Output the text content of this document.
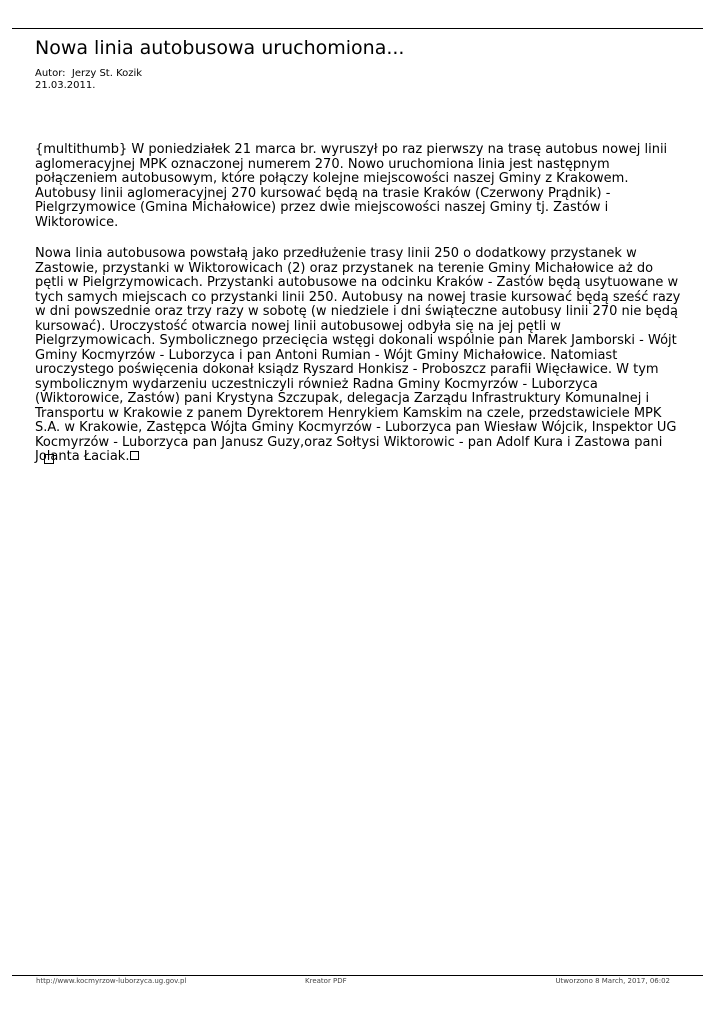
Nowa linia autobusowa uruchomiona...
Autor:  Jerzy St. Kozik
21.03.2011.
{multithumb} W poniedziałek 21 marca br. wyruszył po raz pierwszy na trasę autobus nowej linii aglomeracyjnej MPK oznaczonej numerem 270. Nowo uruchomiona linia jest następnym połączeniem autobusowym, które połączy kolejne miejscowości naszej Gminy z Krakowem. Autobusy linii aglomeracyjnej 270 kursować będą na trasie Kraków (Czerwony Prądnik) - Pielgrzymowice (Gmina Michałowice) przez dwie miejscowości naszej Gminy tj. Zastów i Wiktorowice.
Nowa linia autobusowa powstałą jako przedłużenie trasy linii 250 o dodatkowy przystanek w Zastowie, przystanki w Wiktorowicach (2) oraz przystanek na terenie Gminy Michałowice aż do pętli w Pielgrzymowicach. Przystanki autobusowe na odcinku Kraków - Zastów będą usytuowane w tych samych miejscach co przystanki linii 250. Autobusy na nowej trasie kursować będą sześć razy w dni powszednie oraz trzy razy w sobotę (w niedziele i dni świąteczne autobusy linii 270 nie będą kursować). Uroczystość otwarcia nowej linii autobusowej odbyła się na jej pętli w Pielgrzymowicach. Symbolicznego przecięcia wstęgi dokonali wspólnie pan Marek Jamborski - Wójt Gminy Kocmyrzów - Luborzyca i pan Antoni Rumian - Wójt Gminy Michałowice. Natomiast uroczystego poświęcenia dokonał ksiądz Ryszard Honkisz - Proboszcz parafii Więcławice. W tym symbolicznym wydarzeniu uczestniczyli również Radna Gminy Kocmyrzów - Luborzyca (Wiktorowice, Zastów) pani Krystyna Szczupak, delegacja Zarządu Infrastruktury Komunalnej i Transportu w Krakowie z panem Dyrektorem Henrykiem Kamskim na czele, przedstawiciele MPK S.A. w Krakowie, Zastępca Wójta Gminy Kocmyrzów - Luborzyca pan Wiesław Wójcik, Inspektor UG Kocmyrzów - Luborzyca pan Janusz Guzy,oraz Sołtysi Wiktorowic - pan Adolf Kura i Zastowa pani Jolanta Łaciak.
http://www.kocmyrzow-luborzyca.ug.gov.pl	Kreator PDF	Utworzono 8 March, 2017, 06:02
